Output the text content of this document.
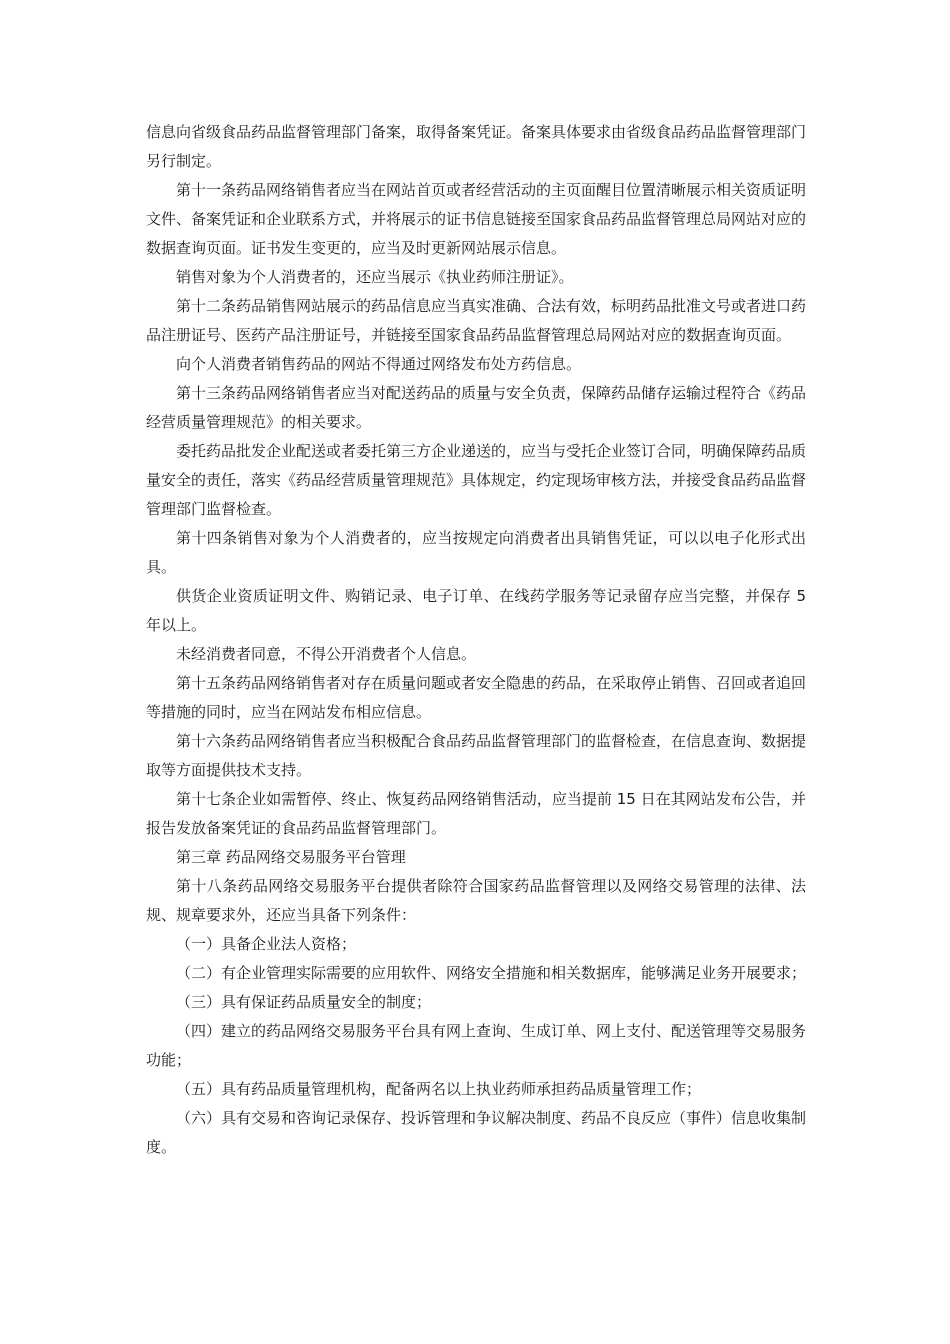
信息向省级食品药品监督管理部门备案，取得备案凭证。备案具体要求由省级食品药品监督管理部门另行制定。

第十一条药品网络销售者应当在网站首页或者经营活动的主页面醒目位置清晰展示相关资质证明文件、备案凭证和企业联系方式，并将展示的证书信息链接至国家食品药品监督管理总局网站对应的数据查询页面。证书发生变更的，应当及时更新网站展示信息。

销售对象为个人消费者的，还应当展示《执业药师注册证》。

第十二条药品销售网站展示的药品信息应当真实准确、合法有效，标明药品批准文号或者进口药品注册证号、医药产品注册证号，并链接至国家食品药品监督管理总局网站对应的数据查询页面。

向个人消费者销售药品的网站不得通过网络发布处方药信息。

第十三条药品网络销售者应当对配送药品的质量与安全负责，保障药品储存运输过程符合《药品经营质量管理规范》的相关要求。

委托药品批发企业配送或者委托第三方企业递送的，应当与受托企业签订合同，明确保障药品质量安全的责任，落实《药品经营质量管理规范》具体规定，约定现场审核方法，并接受食品药品监督管理部门监督检查。

第十四条销售对象为个人消费者的，应当按规定向消费者出具销售凭证，可以以电子化形式出具。

供货企业资质证明文件、购销记录、电子订单、在线药学服务等记录留存应当完整，并保存 5 年以上。

未经消费者同意，不得公开消费者个人信息。

第十五条药品网络销售者对存在质量问题或者安全隐患的药品，在采取停止销售、召回或者追回等措施的同时，应当在网站发布相应信息。

第十六条药品网络销售者应当积极配合食品药品监督管理部门的监督检查，在信息查询、数据提取等方面提供技术支持。

第十七条企业如需暂停、终止、恢复药品网络销售活动，应当提前 15 日在其网站发布公告，并报告发放备案凭证的食品药品监督管理部门。

第三章 药品网络交易服务平台管理

第十八条药品网络交易服务平台提供者除符合国家药品监督管理以及网络交易管理的法律、法规、规章要求外，还应当具备下列条件：

（一）具备企业法人资格；

（二）有企业管理实际需要的应用软件、网络安全措施和相关数据库，能够满足业务开展要求；

（三）具有保证药品质量安全的制度；

（四）建立的药品网络交易服务平台具有网上查询、生成订单、网上支付、配送管理等交易服务功能；

（五）具有药品质量管理机构，配备两名以上执业药师承担药品质量管理工作；

（六）具有交易和咨询记录保存、投诉管理和争议解决制度、药品不良反应（事件）信息收集制度。
